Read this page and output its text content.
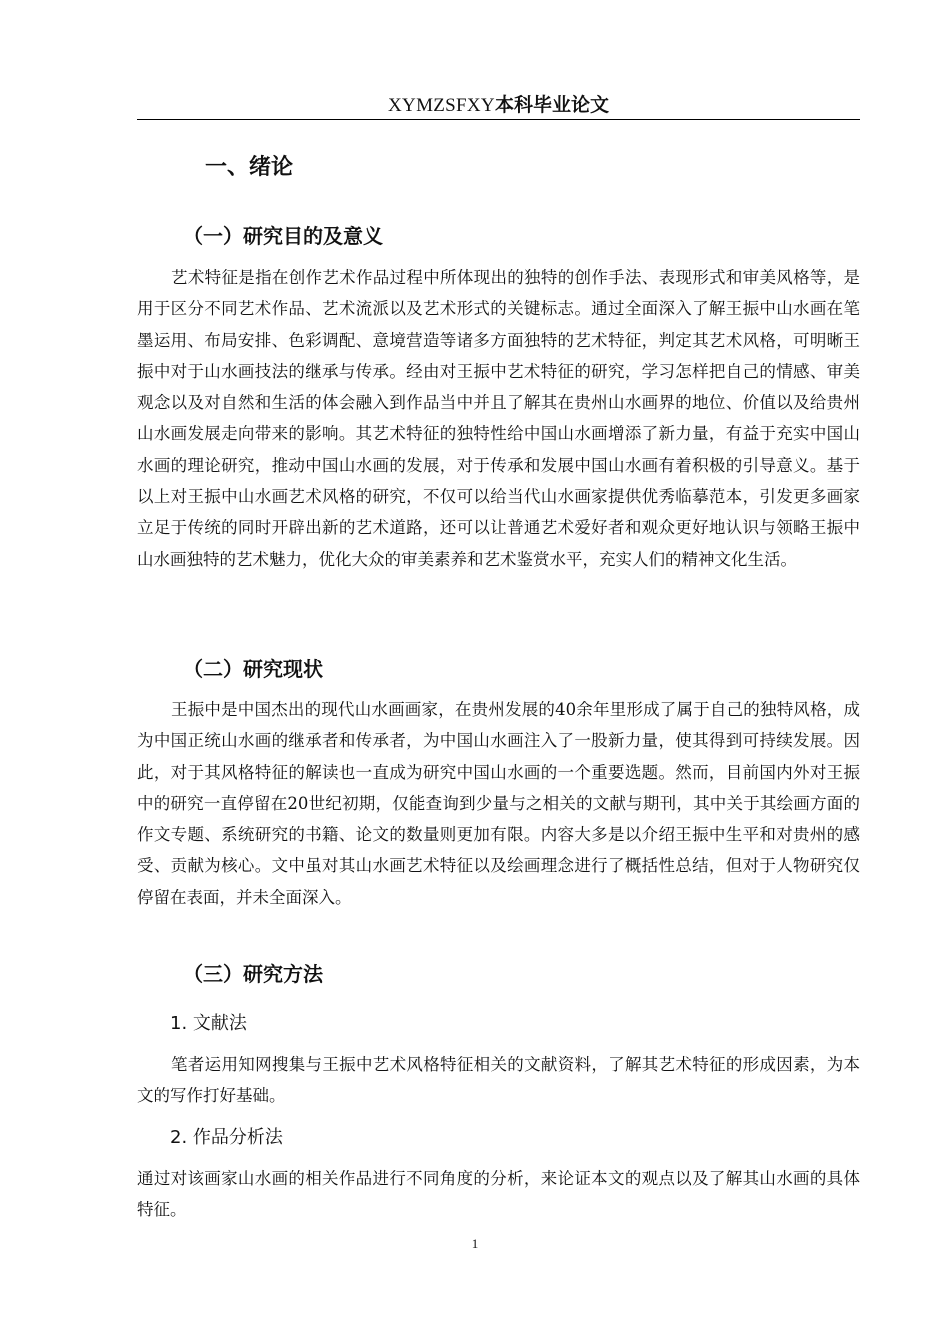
XYMZSFXY本科毕业论文
一、绪论
（一）研究目的及意义

艺术特征是指在创作艺术作品过程中所体现出的独特的创作手法、表现形式和审美风格等，是用于区分不同艺术作品、艺术流派以及艺术形式的关键标志。通过全面深入了解王振中山水画在笔墨运用、布局安排、色彩调配、意境营造等诸多方面独特的艺术特征，判定其艺术风格，可明晰王振中对于山水画技法的继承与传承。经由对王振中艺术特征的研究，学习怎样把自己的情感、审美观念以及对自然和生活的体会融入到作品当中并且了解其在贵州山水画界的地位、价值以及给贵州山水画发展走向带来的影响。其艺术特征的独特性给中国山水画增添了新力量，有益于充实中国山水画的理论研究，推动中国山水画的发展，对于传承和发展中国山水画有着积极的引导意义。基于以上对王振中山水画艺术风格的研究，不仅可以给当代山水画家提供优秀临摹范本，引发更多画家立足于传统的同时开辟出新的艺术道路，还可以让普通艺术爱好者和观众更好地认识与领略王振中山水画独特的艺术魅力，优化大众的审美素养和艺术鉴赏水平，充实人们的精神文化生活。

（二）研究现状

王振中是中国杰出的现代山水画画家，在贵州发展的40余年里形成了属于自己的独特风格，成为中国正统山水画的继承者和传承者，为中国山水画注入了一股新力量，使其得到可持续发展。因此，对于其风格特征的解读也一直成为研究中国山水画的一个重要选题。然而，目前国内外对王振中的研究一直停留在20世纪初期，仅能查询到少量与之相关的文献与期刊，其中关于其绘画方面的作文专题、系统研究的书籍、论文的数量则更加有限。内容大多是以介绍王振中生平和对贵州的感受、贡献为核心。文中虽对其山水画艺术特征以及绘画理念进行了概括性总结，但对于人物研究仅停留在表面，并未全面深入。

（三）研究方法
1. 文献法

笔者运用知网搜集与王振中艺术风格特征相关的文献资料，了解其艺术特征的形成因素，为本文的写作打好基础。

2. 作品分析法

通过对该画家山水画的相关作品进行不同角度的分析，来论证本文的观点以及了解其山水画的具体特征。

1
